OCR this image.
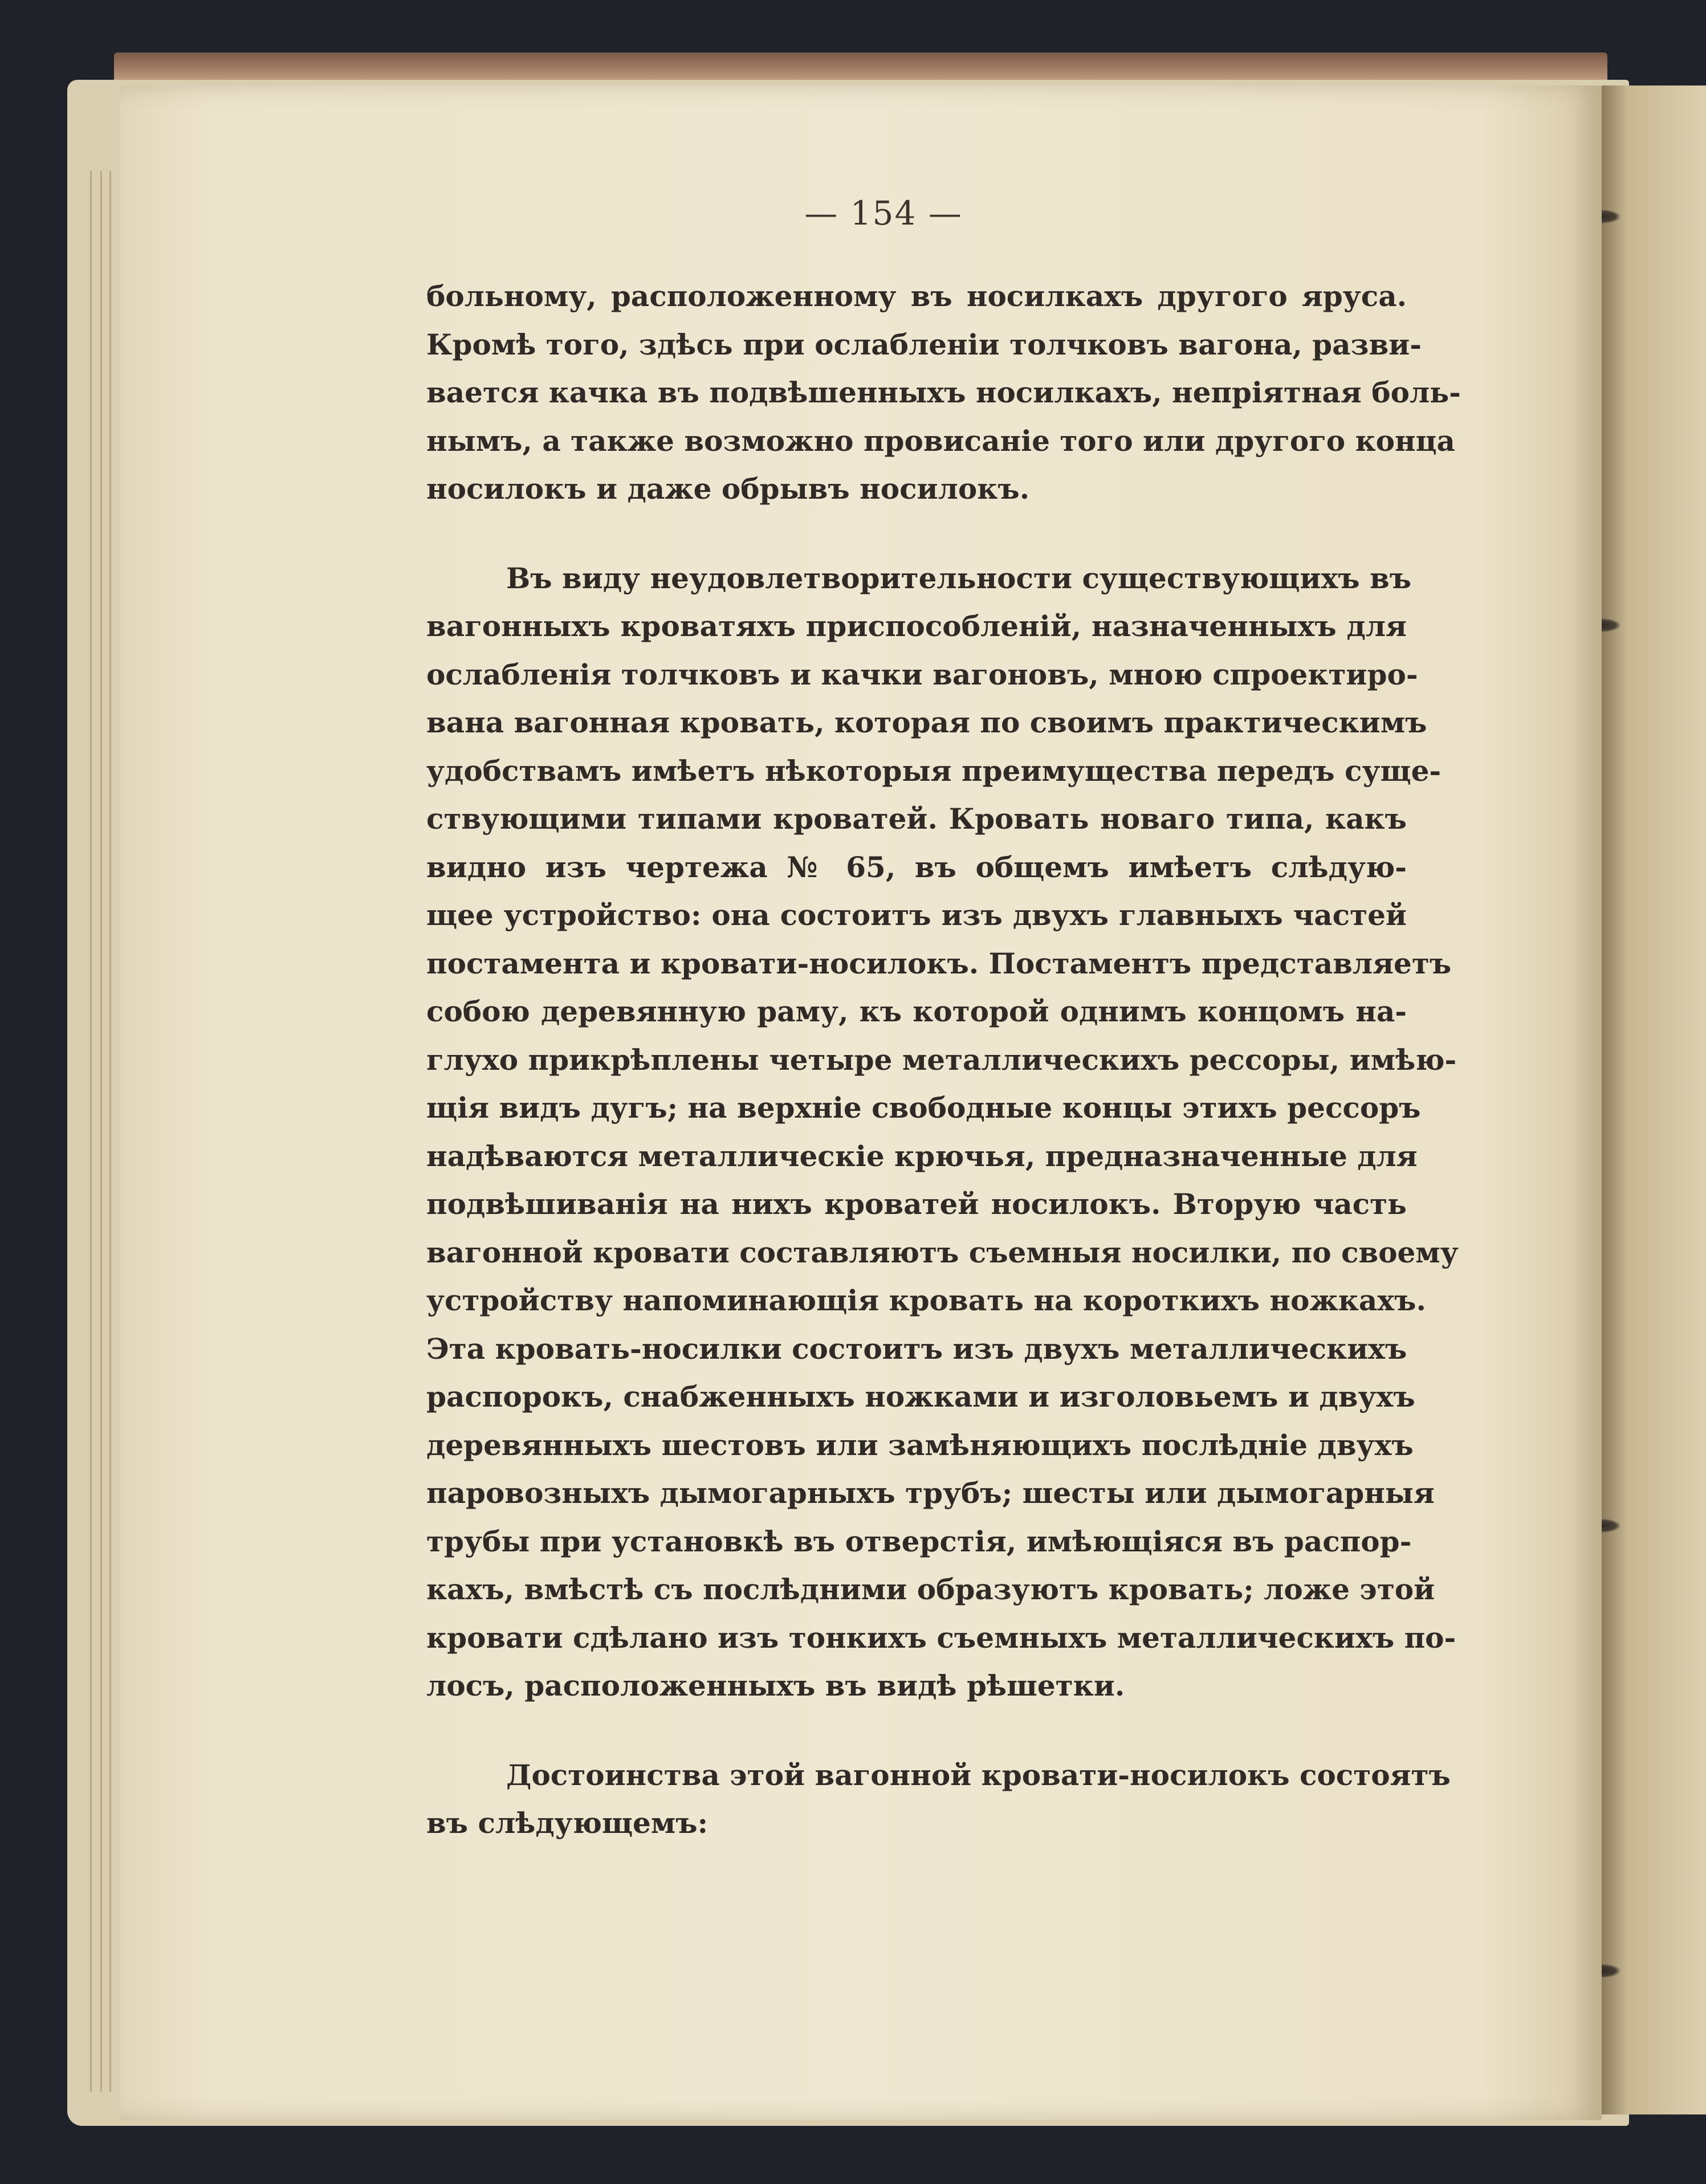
— 154 —
больному, расположенному въ носилкахъ другого яруса.
Кромѣ того, здѣсь при ослабленіи толчковъ вагона, разви-
вается качка въ подвѣшенныхъ носилкахъ, непріятная боль-
нымъ, а также возможно провисаніе того или другого конца
носилокъ и даже обрывъ носилокъ.
Въ виду неудовлетворительности существующихъ въ
вагонныхъ кроватяхъ приспособленій, назначенныхъ для
ослабленія толчковъ и качки вагоновъ, мною спроектиро-
вана вагонная кровать, которая по своимъ практическимъ
удобствамъ имѣетъ нѣкоторыя преимущества передъ суще-
ствующими типами кроватей. Кровать новаго типа, какъ
видно изъ чертежа № 65, въ общемъ имѣетъ слѣдую-
щее устройство: она состоитъ изъ двухъ главныхъ частей
постамента и кровати-носилокъ. Постаментъ представляетъ
собою деревянную раму, къ которой однимъ концомъ на-
глухо прикрѣплены четыре металлическихъ рессоры, имѣю-
щія видъ дугъ; на верхніе свободные концы этихъ рессоръ
надѣваются металлическіе крючья, предназначенные для
подвѣшиванія на нихъ кроватей носилокъ. Вторую часть
вагонной кровати составляютъ съемныя носилки, по своему
устройству напоминающія кровать на короткихъ ножкахъ.
Эта кровать-носилки состоитъ изъ двухъ металлическихъ
распорокъ, снабженныхъ ножками и изголовьемъ и двухъ
деревянныхъ шестовъ или замѣняющихъ послѣдніе двухъ
паровозныхъ дымогарныхъ трубъ; шесты или дымогарныя
трубы при установкѣ въ отверстія, имѣющіяся въ распор-
кахъ, вмѣстѣ съ послѣдними образуютъ кровать; ложе этой
кровати сдѣлано изъ тонкихъ съемныхъ металлическихъ по-
лосъ, расположенныхъ въ видѣ рѣшетки.
Достоинства этой вагонной кровати-носилокъ состоятъ
въ слѣдующемъ:
